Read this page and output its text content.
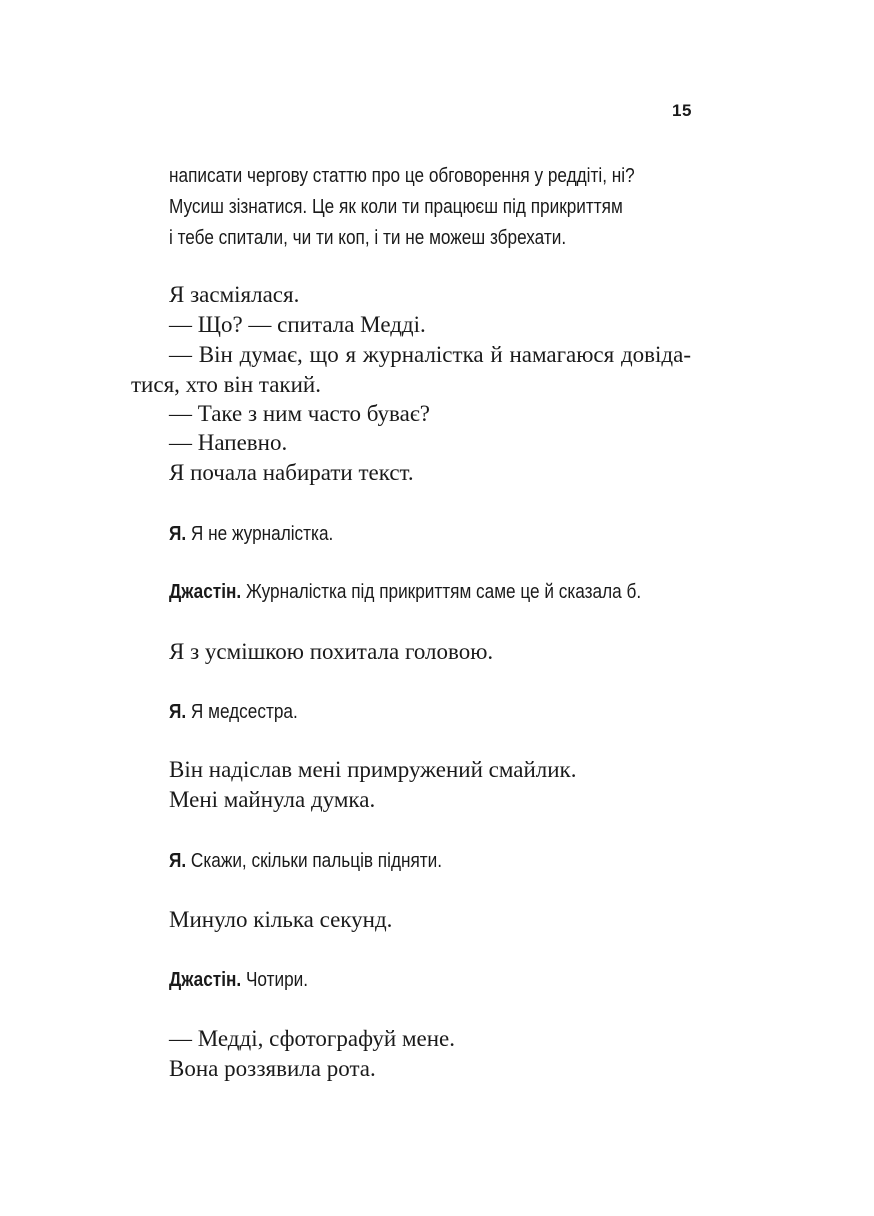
15
написати чергову статтю про це обговорення у реддіті, ні?
Мусиш зізнатися. Це як коли ти працюєш під прикриттям
і тебе спитали, чи ти коп, і ти не можеш збрехати.
Я засміялася.
— Що? — спитала Медді.
— Він думає, що я журналістка й намагаюся довіда-
тися, хто він такий.
— Таке з ним часто буває?
— Напевно.
Я почала набирати текст.
Я. Я не журналістка.
Джастін. Журналістка під прикриттям саме це й сказала б.
Я з усмішкою похитала головою.
Я. Я медсестра.
Він надіслав мені примружений смайлик.
Мені майнула думка.
Я. Скажи, скільки пальців підняти.
Минуло кілька секунд.
Джастін. Чотири.
— Медді, сфотографуй мене.
Вона роззявила рота.
